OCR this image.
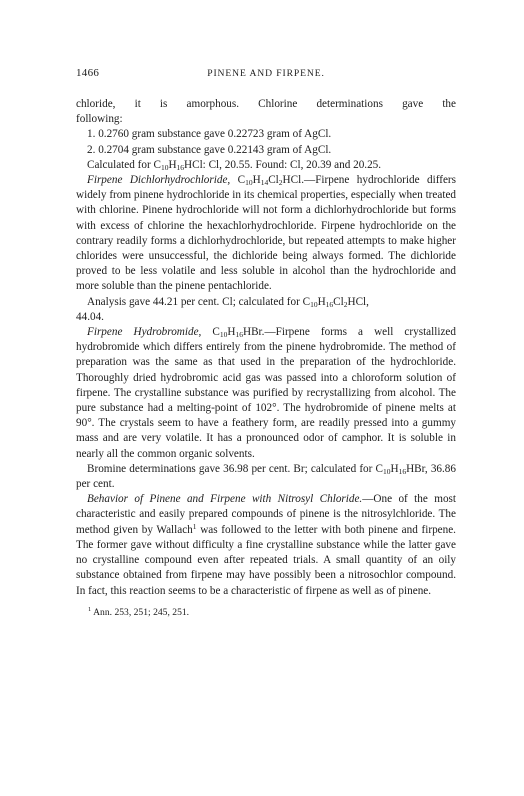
1466	PINENE AND FIRPENE.

chloride, it is amorphous. Chlorine determinations gave the

following:

1. 0.2760 gram substance gave 0.22723 gram of AgCl.

2. 0.2704 gram substance gave 0.22143 gram of AgCl.

Calculated for $C_{10}H_{16}HCl$: Cl, 20.55. Found: Cl, 20.39 and 20.25.

Firpene Dichlorhydrochloride, $C_{10}H_{14}Cl_2HCl.—Firpene$ hydrochloride differs widely from pinene hydrochloride in its chemical properties, especially when treated with chlorine. Pinene hydrochloride will not form a dichlorhydrochloride but forms with excess of chlorine the hexachlorhydrochloride. Firpene hydrochloride on the contrary readily forms a dichlorhydrochloride, but repeated attempts to make higher chlorides were unsuccessful, the dichloride being always formed. The dichloride proved to be less volatile and less soluble in alcohol than the hydrochloride and more soluble than the pinene pentachloride.

Analysis gave 44.21 per cent. Cl; calculated for $C_{10}H_{16}Cl_2HCl$,
44.04.

Firpene Hydrobromide, $C_{10}H_{16}HBr.—Firpene$ forms a well crystallized hydrobromide which differs entirely from the pinene hydrobromide. The method of preparation was the same as that used in the preparation of the hydrochloride. Thoroughly dried hydrobromic acid gas was passed into a chloroform solution of firpene. The crystalline substance was purified by recrystallizing from alcohol. The pure substance had a melting-point of 102°. The hydrobromide of pinene melts at 90°. The crystals seem to have a feathery form, are readily pressed into a gummy mass and are very volatile. It has a pronounced odor of camphor. It is soluble in nearly all the common organic solvents.

Bromine determinations gave 36.98 per cent. Br; calculated for $C_{10}H_{16}HBr$, 36.86 per cent.

Behavior of Pinene and Firpene with Nitrosyl Chloride.—One of the most characteristic and easily prepared compounds of pinene is the nitrosylchloride. The method given by Wallach$^1$ was followed to the letter with both pinene and firpene. The former gave without difficulty a fine crystalline substance while the latter gave no crystalline compound even after repeated trials. A small quantity of an oily substance obtained from firpene may have possibly been a nitrosochlor compound. In fact, this reaction seems to be a characteristic of firpene as well as of pinene.

$^1$ Ann. 253, 251; 245, 251.
